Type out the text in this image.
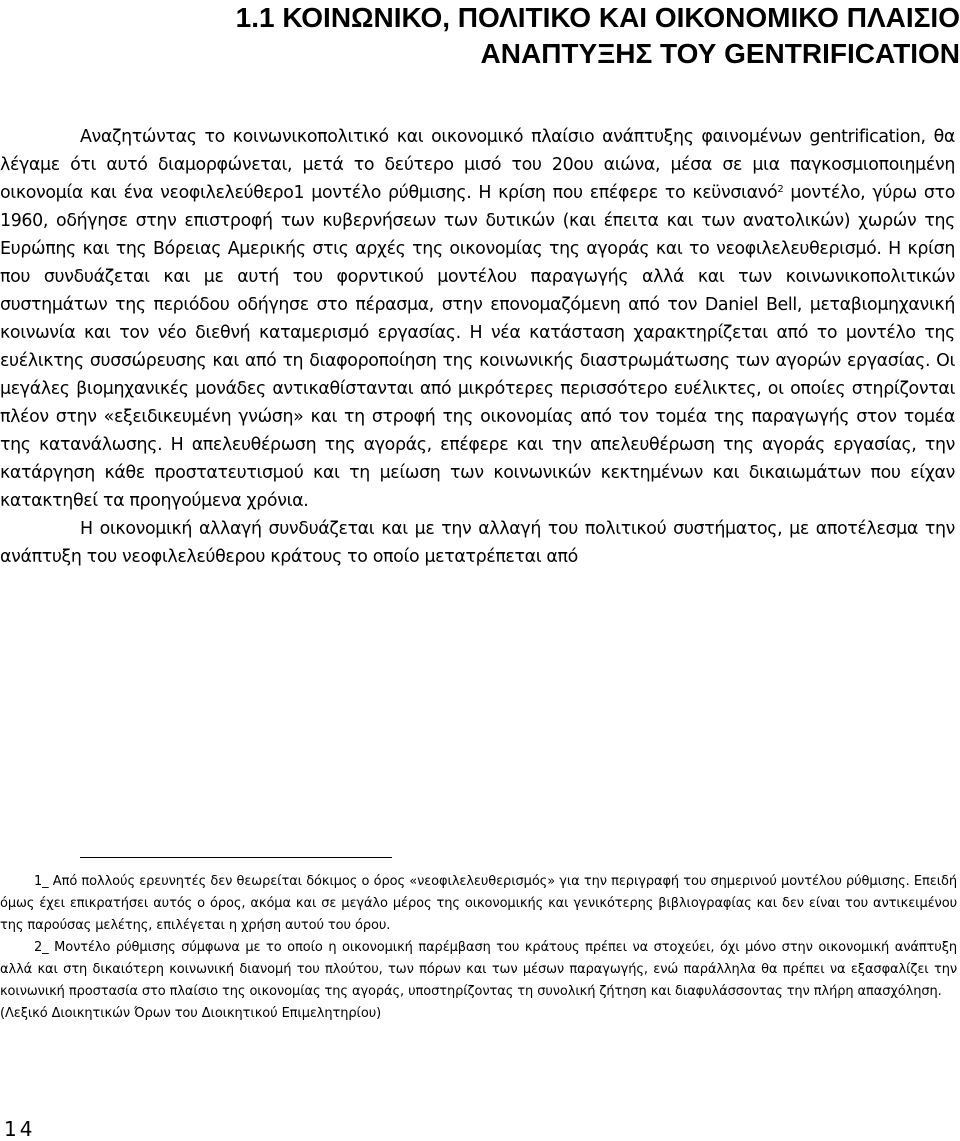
1.1 ΚΟΙΝΩΝΙΚΟ, ΠΟΛΙΤΙΚΟ ΚΑΙ ΟΙΚΟΝΟΜΙΚΟ ΠΛΑΙΣΙΟ
ΑΝΑΠΤΥΞΗΣ ΤΟΥ GENTRIFICATION

Αναζητώντας το κοινωνικοπολιτικό και οικονομικό πλαίσιο ανάπτυξης φαινομένων gentrification, θα λέγαμε ότι αυτό διαμορφώνεται, μετά το δεύτερο μισό του 20ου αιώνα, μέσα σε μια παγκοσμιοποιημένη οικονομία και ένα νεοφιλελεύθερο1 μοντέλο ρύθμισης. Η κρίση που επέφερε το κεϋνσιανό$^2$ μοντέλο, γύρω στο 1960, οδήγησε στην επιστροφή των κυβερνήσεων των δυτικών (και έπειτα και των ανατολικών) χωρών της Ευρώπης και της Βόρειας Αμερικής στις αρχές της οικονομίας της αγοράς και το νεοφιλελευθερισμό. Η κρίση που συνδυάζεται και με αυτή του φορντικού μοντέλου παραγωγής αλλά και των κοινωνικοπολιτικών συστημάτων της περιόδου οδήγησε στο πέρασμα, στην επονομαζόμενη από τον Daniel Bell, μεταβιομηχανική κοινωνία και τον νέο διεθνή καταμερισμό εργασίας. Η νέα κατάσταση χαρακτηρίζεται από το μοντέλο της ευέλικτης συσσώρευσης και από τη διαφοροποίηση της κοινωνικής διαστρωμάτωσης των αγορών εργασίας. Οι μεγάλες βιομηχανικές μονάδες αντικαθίστανται από μικρότερες περισσότερο ευέλικτες, οι οποίες στηρίζονται πλέον στην «εξειδικευμένη γνώση» και τη στροφή της οικονομίας από τον τομέα της παραγωγής στον τομέα της κατανάλωσης. Η απελευθέρωση της αγοράς, επέφερε και την απελευθέρωση της αγοράς εργασίας, την κατάργηση κάθε προστατευτισμού και τη μείωση των κοινωνικών κεκτημένων και δικαιωμάτων που είχαν κατακτηθεί τα προηγούμενα χρόνια.

Η οικονομική αλλαγή συνδυάζεται και με την αλλαγή του πολιτικού συστήματος, με αποτέλεσμα την ανάπτυξη του νεοφιλελεύθερου κράτους το οποίο μετατρέπεται από

1_ Από πολλούς ερευνητές δεν θεωρείται δόκιμος ο όρος «νεοφιλελευθερισμός» για την περιγραφή του σημερινού μοντέλου ρύθμισης. Επειδή όμως έχει επικρατήσει αυτός ο όρος, ακόμα και σε μεγάλο μέρος της οικονομικής και γενικότερης βιβλιογραφίας και δεν είναι του αντικειμένου της παρούσας μελέτης, επιλέγεται η χρήση αυτού του όρου.

2_ Μοντέλο ρύθμισης σύμφωνα με το οποίο η οικονομική παρέμβαση του κράτους πρέπει να στοχεύει, όχι μόνο στην οικονομική ανάπτυξη αλλά και στη δικαιότερη κοινωνική διανομή του πλούτου, των πόρων και των μέσων παραγωγής, ενώ παράλληλα θα πρέπει να εξασφαλίζει την κοινωνική προστασία στο πλαίσιο της οικονομίας της αγοράς, υποστηρίζοντας τη συνολική ζήτηση και διαφυλάσσοντας την πλήρη απασχόληση.

(Λεξικό Διοικητικών Όρων του Διοικητικού Επιμελητηρίου)

14
